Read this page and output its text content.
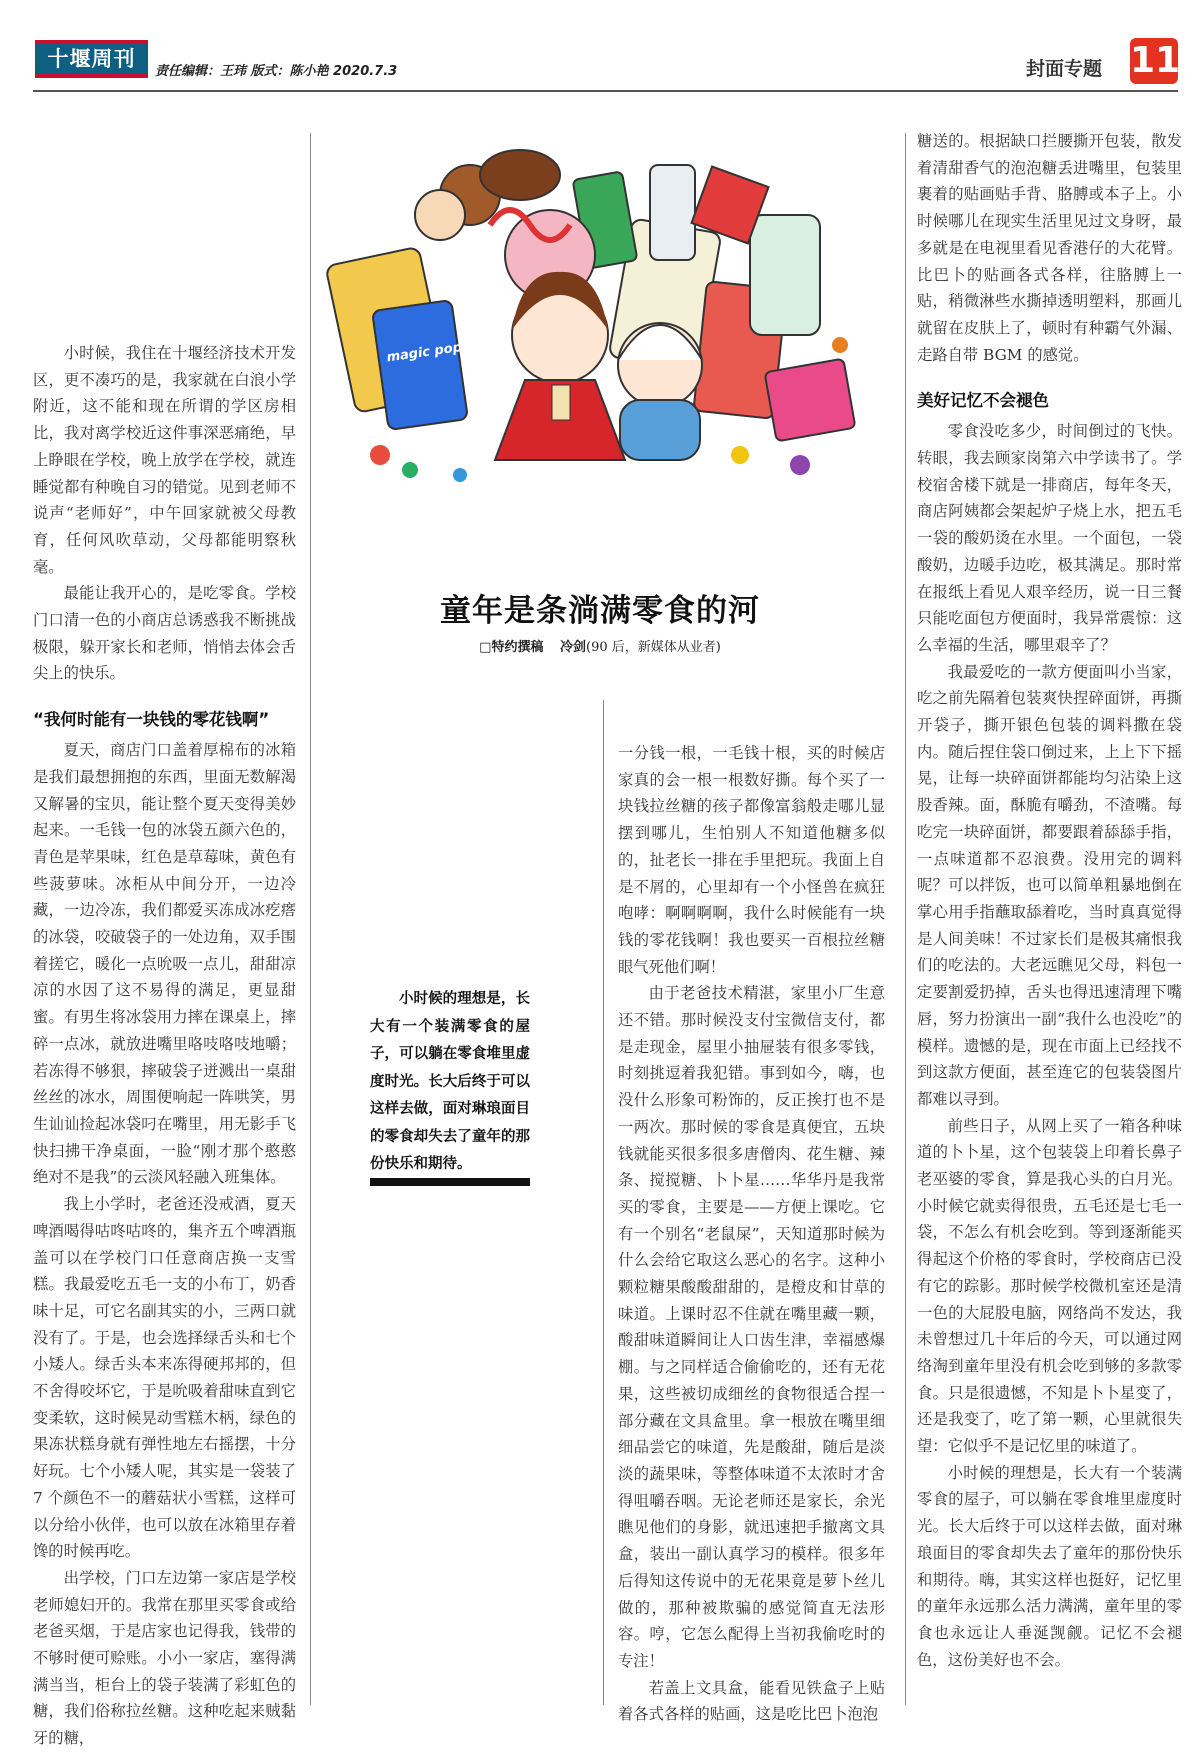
十堰周刊
责任编辑：王玮 版式：陈小艳 2020.7.3	封面专题 11
magic pop
童年是条淌满零食的河
□特约撰稿 冷剑(90 后，新媒体从业者)

小时候的理想是，长大有一个装满零食的屋子，可以躺在零食堆里虚度时光。长大后终于可以这样去做，面对琳琅面目的零食却失去了童年的那份快乐和期待。

小时候，我住在十堰经济技术开发区，更不凑巧的是，我家就在白浪小学附近，这不能和现在所谓的学区房相比，我对离学校近这件事深恶痛绝，早上睁眼在学校，晚上放学在学校，就连睡觉都有种晚自习的错觉。见到老师不说声“老师好”，中午回家就被父母教育，任何风吹草动，父母都能明察秋毫。

最能让我开心的，是吃零食。学校门口清一色的小商店总诱惑我不断挑战极限，躲开家长和老师，悄悄去体会舌尖上的快乐。

“我何时能有一块钱的零花钱啊”

夏天，商店门口盖着厚棉布的冰箱是我们最想拥抱的东西，里面无数解渴又解暑的宝贝，能让整个夏天变得美妙起来。一毛钱一包的冰袋五颜六色的，青色是苹果味，红色是草莓味，黄色有些菠萝味。冰柜从中间分开，一边冷藏，一边冷冻，我们都爱买冻成冰疙瘩的冰袋，咬破袋子的一处边角，双手围着搓它，暖化一点吮吸一点儿，甜甜凉凉的水因了这不易得的满足，更显甜蜜。有男生将冰袋用力摔在课桌上，摔碎一点冰，就放进嘴里咯吱咯吱地嚼；若冻得不够狠，摔破袋子迸溅出一桌甜丝丝的冰水，周围便响起一阵哄笑，男生讪讪捡起冰袋叼在嘴里，用无影手飞快扫拂干净桌面，一脸“刚才那个憨憨绝对不是我”的云淡风轻融入班集体。

我上小学时，老爸还没戒酒，夏天啤酒喝得咕咚咕咚的，集齐五个啤酒瓶盖可以在学校门口任意商店换一支雪糕。我最爱吃五毛一支的小布丁，奶香味十足，可它名副其实的小，三两口就没有了。于是，也会选择绿舌头和七个小矮人。绿舌头本来冻得硬邦邦的，但不舍得咬坏它，于是吮吸着甜味直到它变柔软，这时候晃动雪糕木柄，绿色的果冻状糕身就有弹性地左右摇摆，十分好玩。七个小矮人呢，其实是一袋装了 7 个颜色不一的蘑菇状小雪糕，这样可以分给小伙伴，也可以放在冰箱里存着馋的时候再吃。

出学校，门口左边第一家店是学校老师媳妇开的。我常在那里买零食或给老爸买烟，于是店家也记得我，钱带的不够时便可赊账。小小一家店，塞得满满当当，柜台上的袋子装满了彩虹色的糖，我们俗称拉丝糖。这种吃起来贼黏牙的糖，

一分钱一根，一毛钱十根，买的时候店家真的会一根一根数好撕。每个买了一块钱拉丝糖的孩子都像富翁般走哪儿显摆到哪儿，生怕别人不知道他糖多似的，扯老长一排在手里把玩。我面上自是不屑的，心里却有一个小怪兽在疯狂咆哮：啊啊啊啊，我什么时候能有一块钱的零花钱啊！我也要买一百根拉丝糖眼气死他们啊！

由于老爸技术精湛，家里小厂生意还不错。那时候没支付宝微信支付，都是走现金，屋里小抽屉装有很多零钱，时刻挑逗着我犯错。事到如今，嗨，也没什么形象可粉饰的，反正挨打也不是一两次。那时候的零食是真便宜，五块钱就能买很多很多唐僧肉、花生糖、辣条、搅搅糖、卜卜星……华华丹是我常买的零食，主要是——方便上课吃。它有一个别名“老鼠屎”，天知道那时候为什么会给它取这么恶心的名字。这种小颗粒糖果酸酸甜甜的，是橙皮和甘草的味道。上课时忍不住就在嘴里藏一颗，酸甜味道瞬间让人口齿生津，幸福感爆棚。与之同样适合偷偷吃的，还有无花果，这些被切成细丝的食物很适合捏一部分藏在文具盒里。拿一根放在嘴里细细品尝它的味道，先是酸甜，随后是淡淡的蔬果味，等整体味道不太浓时才舍得咀嚼吞咽。无论老师还是家长，余光瞧见他们的身影，就迅速把手撤离文具盒，装出一副认真学习的模样。很多年后得知这传说中的无花果竟是萝卜丝儿做的，那种被欺骗的感觉简直无法形容。哼，它怎么配得上当初我偷吃时的专注！

若盖上文具盒，能看见铁盒子上贴着各式各样的贴画，这是吃比巴卜泡泡

糖送的。根据缺口拦腰撕开包装，散发着清甜香气的泡泡糖丢进嘴里，包装里裹着的贴画贴手背、胳膊或本子上。小时候哪儿在现实生活里见过文身呀，最多就是在电视里看见香港仔的大花臂。比巴卜的贴画各式各样，往胳膊上一贴，稍微淋些水撕掉透明塑料，那画儿就留在皮肤上了，顿时有种霸气外漏、走路自带 BGM 的感觉。

美好记忆不会褪色

零食没吃多少，时间倒过的飞快。转眼，我去顾家岗第六中学读书了。学校宿舍楼下就是一排商店，每年冬天，商店阿姨都会架起炉子烧上水，把五毛一袋的酸奶烫在水里。一个面包，一袋酸奶，边暖手边吃，极其满足。那时常在报纸上看见人艰辛经历，说一日三餐只能吃面包方便面时，我异常震惊：这么幸福的生活，哪里艰辛了？

我最爱吃的一款方便面叫小当家，吃之前先隔着包装爽快捏碎面饼，再撕开袋子，撕开银色包装的调料撒在袋内。随后捏住袋口倒过来，上上下下摇晃，让每一块碎面饼都能均匀沾染上这股香辣。面，酥脆有嚼劲，不渣嘴。每吃完一块碎面饼，都要跟着舔舔手指，一点味道都不忍浪费。没用完的调料呢？可以拌饭，也可以简单粗暴地倒在掌心用手指蘸取舔着吃，当时真真觉得是人间美味！不过家长们是极其痛恨我们的吃法的。大老远瞧见父母，料包一定要割爱扔掉，舌头也得迅速清理下嘴唇，努力扮演出一副“我什么也没吃”的模样。遗憾的是，现在市面上已经找不到这款方便面，甚至连它的包装袋图片都难以寻到。

前些日子，从网上买了一箱各种味道的卜卜星，这个包装袋上印着长鼻子老巫婆的零食，算是我心头的白月光。小时候它就卖得很贵，五毛还是七毛一袋，不怎么有机会吃到。等到逐渐能买得起这个价格的零食时，学校商店已没有它的踪影。那时候学校微机室还是清一色的大屁股电脑，网络尚不发达，我未曾想过几十年后的今天，可以通过网络淘到童年里没有机会吃到够的多款零食。只是很遗憾，不知是卜卜星变了，还是我变了，吃了第一颗，心里就很失望：它似乎不是记忆里的味道了。

小时候的理想是，长大有一个装满零食的屋子，可以躺在零食堆里虚度时光。长大后终于可以这样去做，面对琳琅面目的零食却失去了童年的那份快乐和期待。嗨，其实这样也挺好，记忆里的童年永远那么活力满满，童年里的零食也永远让人垂涎觊觎。记忆不会褪色，这份美好也不会。
